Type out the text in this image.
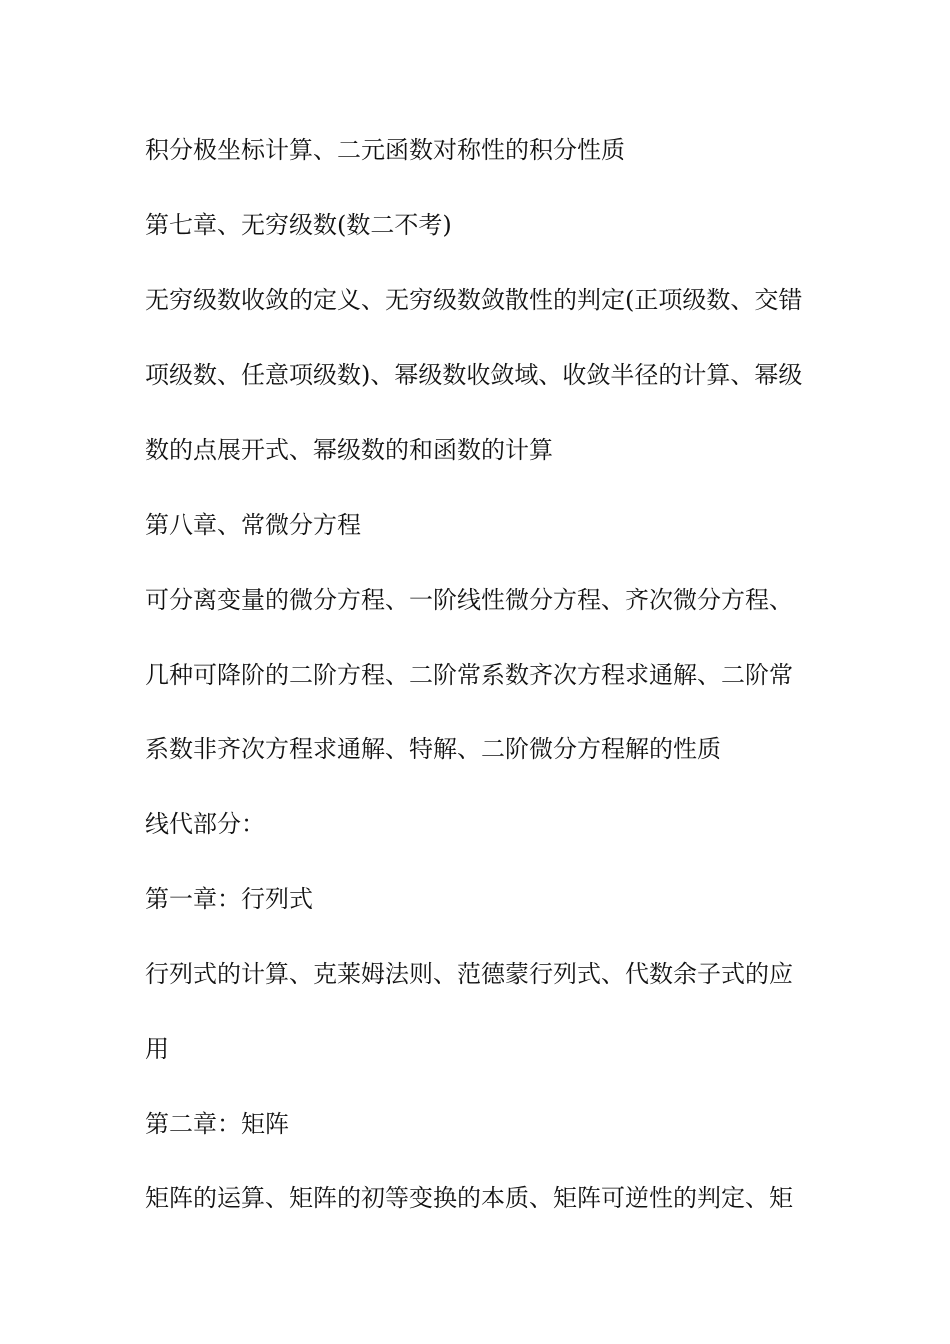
积分极坐标计算、二元函数对称性的积分性质
第七章、无穷级数(数二不考)
无穷级数收敛的定义、无穷级数敛散性的判定(正项级数、交错
项级数、任意项级数)、幂级数收敛域、收敛半径的计算、幂级
数的点展开式、幂级数的和函数的计算
第八章、常微分方程
可分离变量的微分方程、一阶线性微分方程、齐次微分方程、
几种可降阶的二阶方程、二阶常系数齐次方程求通解、二阶常
系数非齐次方程求通解、特解、二阶微分方程解的性质
线代部分：
第一章：行列式
行列式的计算、克莱姆法则、范德蒙行列式、代数余子式的应
用
第二章：矩阵
矩阵的运算、矩阵的初等变换的本质、矩阵可逆性的判定、矩
